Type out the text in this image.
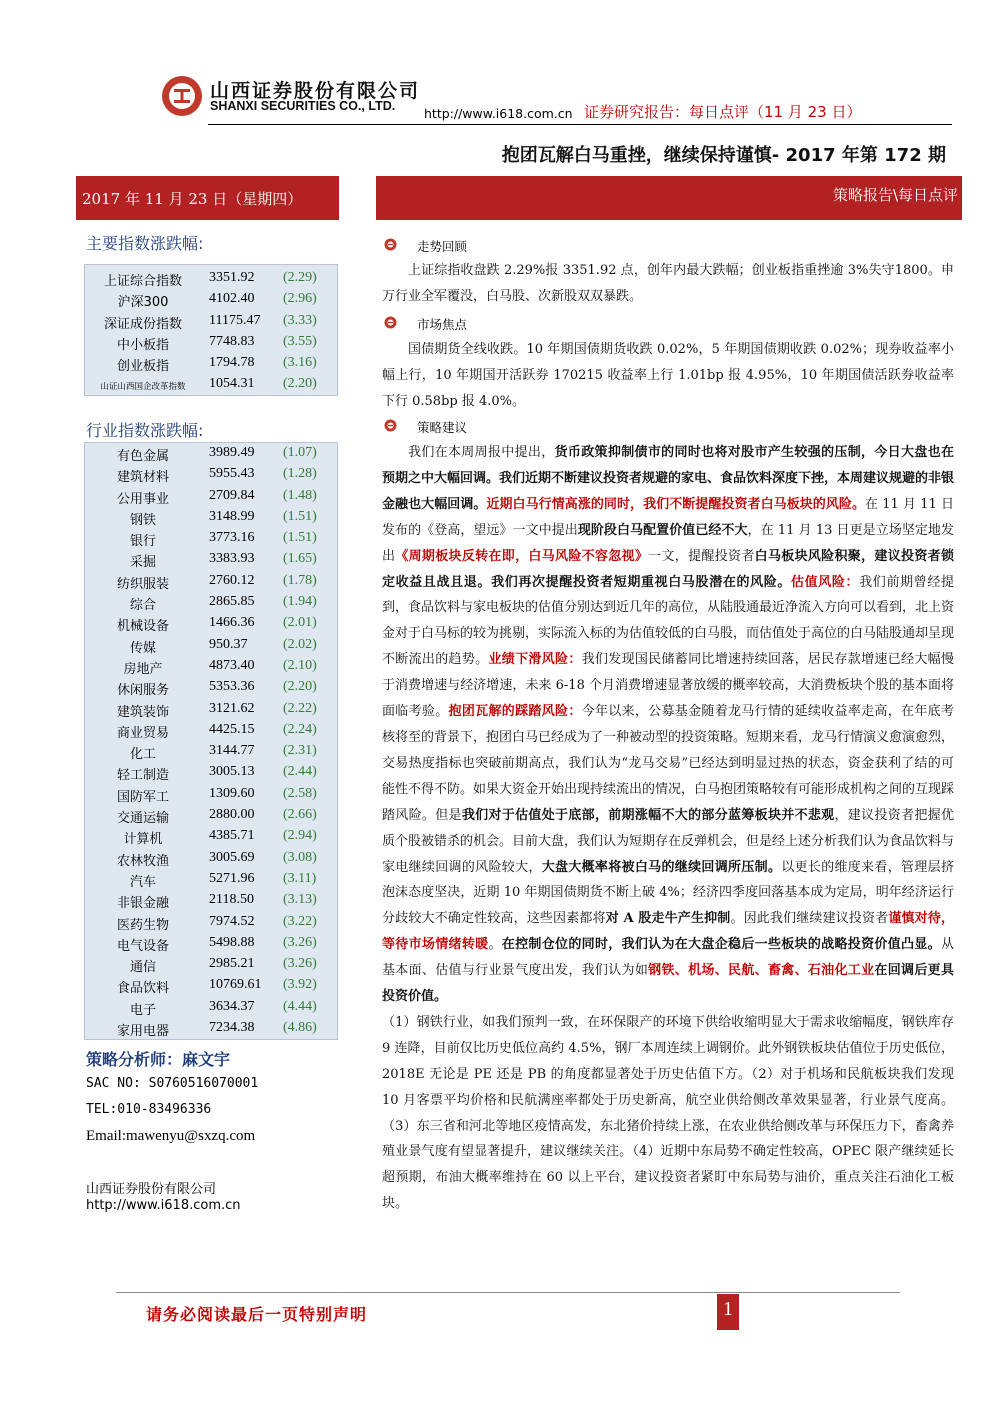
山西证券股份有限公司
SHANXI SECURITIES CO., LTD. http://www.i618.com.cn 证券研究报告：每日点评（11 月 23 日）
抱团瓦解白马重挫，继续保持谨慎- 2017 年第 172 期
2017 年 11 月 23 日（星期四）	策略报告\每日点评
主要指数涨跌幅:
上证综合指数	3351.92 (2.29)
沪深300	4102.40 (2.96)
深证成份指数	11175.47 (3.33)
中小板指	7748.83 (3.55)
创业板指	1794.78 (3.16)
山证山西国企改革指数	1054.31 (2.20)
行业指数涨跌幅:
有色金属	3989.49 (1.07)
建筑材料	5955.43 (1.28)
公用事业	2709.84 (1.48)
钢铁	3148.99 (1.51)
银行	3773.16 (1.51)
采掘	3383.93 (1.65)
纺织服装	2760.12 (1.78)
综合	2865.85 (1.94)
机械设备	1466.36 (2.01)
传媒	950.37	(2.02)
房地产	4873.40 (2.10)
休闲服务	5353.36 (2.20)
建筑装饰	3121.62 (2.22)
商业贸易	4425.15 (2.24)
化工	3144.77 (2.31)
轻工制造	3005.13 (2.44)
国防军工	1309.60 (2.58)
交通运输	2880.00 (2.66)
计算机	4385.71 (2.94)
农林牧渔	3005.69 (3.08)
汽车	5271.96 (3.11)
非银金融	2118.50 (3.13)
医药生物	7974.52 (3.22)
电气设备	5498.88 (3.26)
通信	2985.21 (3.26)
食品饮料	10769.61 (3.92)
电子	3634.37 (4.44)
家用电器	7234.38 (4.86)
策略分析师：麻文宇
SAC NO: S0760516070001
TEL:010-83496336
Email:mawenyu@sxzq.com
山西证券股份有限公司
http://www.i618.com.cn
走势回顾
上证综指收盘跌 2.29%报 3351.92 点，创年内最大跌幅；创业板指重挫逾 3%失守1800。申万行业全军覆没，白马股、次新股双双暴跌。
市场焦点
国债期货全线收跌。10 年期国债期货收跌 0.02%，5 年期国债期收跌 0.02%；现券收益率小幅上行，10 年期国开活跃券 170215 收益率上行 1.01bp 报 4.95%，10 年期国债活跃券收益率下行 0.58bp 报 4.0%。
策略建议
我们在本周周报中提出，货币政策抑制债市的同时也将对股市产生较强的压制，今日大盘也在预期之中大幅回调。我们近期不断建议投资者规避的家电、食品饮料深度下挫，本周建议规避的非银金融也大幅回调。近期白马行情高涨的同时，我们不断提醒投资者白马板块的风险。在 11 月 11 日发布的《登高，望远》一文中提出现阶段白马配置价值已经不大，在 11 月 13 日更是立场坚定地发出《周期板块反转在即，白马风险不容忽视》一文，提醒投资者白马板块风险积聚，建议投资者锁定收益且战且退。我们再次提醒投资者短期重视白马股潜在的风险。估值风险：我们前期曾经提到，食品饮料与家电板块的估值分别达到近几年的高位，从陆股通最近净流入方向可以看到，北上资金对于白马标的较为挑剔，实际流入标的为估值较低的白马股，而估值处于高位的白马陆股通却呈现不断流出的趋势。业绩下滑风险：我们发现国民储蓄同比增速持续回落，居民存款增速已经大幅慢于消费增速与经济增速，未来 6-18 个月消费增速显著放缓的概率较高，大消费板块个股的基本面将面临考验。抱团瓦解的踩踏风险：今年以来，公募基金随着龙马行情的延续收益率走高，在年底考核将至的背景下，抱团白马已经成为了一种被动型的投资策略。短期来看，龙马行情演义愈演愈烈，交易热度指标也突破前期高点，我们认为“龙马交易”已经达到明显过热的状态，资金获利了结的可能性不得不防。如果大资金开始出现持续流出的情况，白马抱团策略较有可能形成机构之间的互现踩踏风险。但是我们对于估值处于底部，前期涨幅不大的部分蓝筹板块并不悲观，建议投资者把握优质个股被错杀的机会。目前大盘，我们认为短期存在反弹机会，但是经上述分析我们认为食品饮料与家电继续回调的风险较大，大盘大概率将被白马的继续回调所压制。以更长的维度来看，管理层挤泡沫态度坚决，近期 10 年期国债期货不断上破 4%；经济四季度回落基本成为定局，明年经济运行分歧较大不确定性较高，这些因素都将对 A 股走牛产生抑制。因此我们继续建议投资者谨慎对待，等待市场情绪转暖。在控制仓位的同时，我们认为在大盘企稳后一些板块的战略投资价值凸显。从基本面、估值与行业景气度出发，我们认为如钢铁、机场、民航、畜禽、石油化工业在回调后更具投资价值。
（1）钢铁行业，如我们预判一致，在环保限产的环境下供给收缩明显大于需求收缩幅度，钢铁库存 9 连降，目前仅比历史低位高约 4.5%，钢厂本周连续上调钢价。此外钢铁板块估值位于历史低位，2018E 无论是 PE 还是 PB 的角度都显著处于历史估值下方。（2）对于机场和民航板块我们发现 10 月客票平均价格和民航满座率都处于历史新高，航空业供给侧改革效果显著，行业景气度高。（3）东三省和河北等地区疫情高发，东北猪价持续上涨，在农业供给侧改革与环保压力下，畜禽养殖业景气度有望显著提升，建议继续关注。（4）近期中东局势不确定性较高，OPEC 限产继续延长超预期，布油大概率维持在 60 以上平台，建议投资者紧盯中东局势与油价，重点关注石油化工板块。
请务必阅读最后一页特别声明	1
